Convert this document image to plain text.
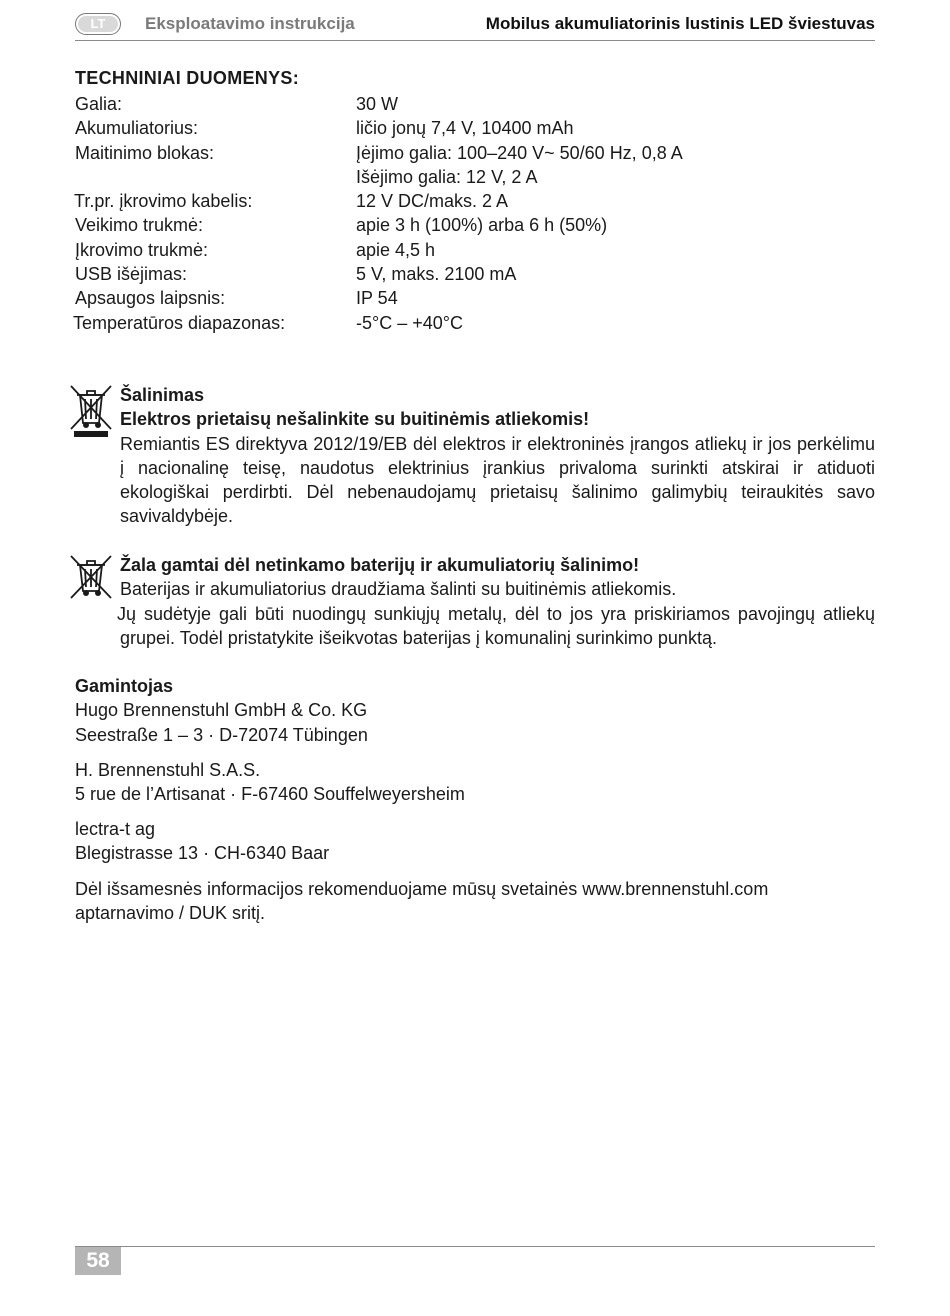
LT	Eksploatavimo instrukcija	Mobilus akumuliatorinis lustinis LED šviestuvas
TECHNINIAI DUOMENYS:
Galia:	30 W
Akumuliatorius:	ličio jonų 7,4 V, 10400 mAh
Maitinimo blokas:	Įėjimo galia: 100–240 V~ 50/60 Hz, 0,8 A
Išėjimo galia: 12 V, 2 A
Tr.pr. įkrovimo kabelis:	12 V DC/maks. 2 A
Veikimo trukmė:	apie 3 h (100%) arba 6 h (50%)
Įkrovimo trukmė:	apie 4,5 h
USB išėjimas:	5 V, maks. 2100 mA
Apsaugos laipsnis:	IP 54
Temperatūros diapazonas:	-5°C – +40°C

Šalinimas

Elektros prietaisų nešalinkite su buitinėmis atliekomis!

Remiantis ES direktyva 2012/19/EB dėl elektros ir elektroninės įrangos atliekų ir jos perkėlimu į nacionalinę teisę, naudotus elektrinius įrankius privaloma surinkti atskirai ir atiduoti ekologiškai perdirbti. Dėl nebenaudojamų prietaisų šalinimo galimybių teiraukitės savo savivaldybėje.

Žala gamtai dėl netinkamo baterijų ir akumuliatorių šalinimo!

Baterijas ir akumuliatorius draudžiama šalinti su buitinėmis atliekomis.

Jų sudėtyje gali būti nuodingų sunkiųjų metalų, dėl to jos yra priskiriamos pavojingų atliekų grupei. Todėl pristatykite išeikvotas baterijas į komunalinį surinkimo punktą.

Gamintojas

Hugo Brennenstuhl GmbH & Co. KG

Seestraße 1 – 3 · D-72074 Tübingen

H. Brennenstuhl S.A.S.

5 rue de l’Artisanat · F-67460 Souffelweyersheim

lectra-t ag

Blegistrasse 13 · CH-6340 Baar

Dėl išsamesnės informacijos rekomenduojame mūsų svetainės www.brennenstuhl.com

aptarnavimo / DUK sritį.

58
